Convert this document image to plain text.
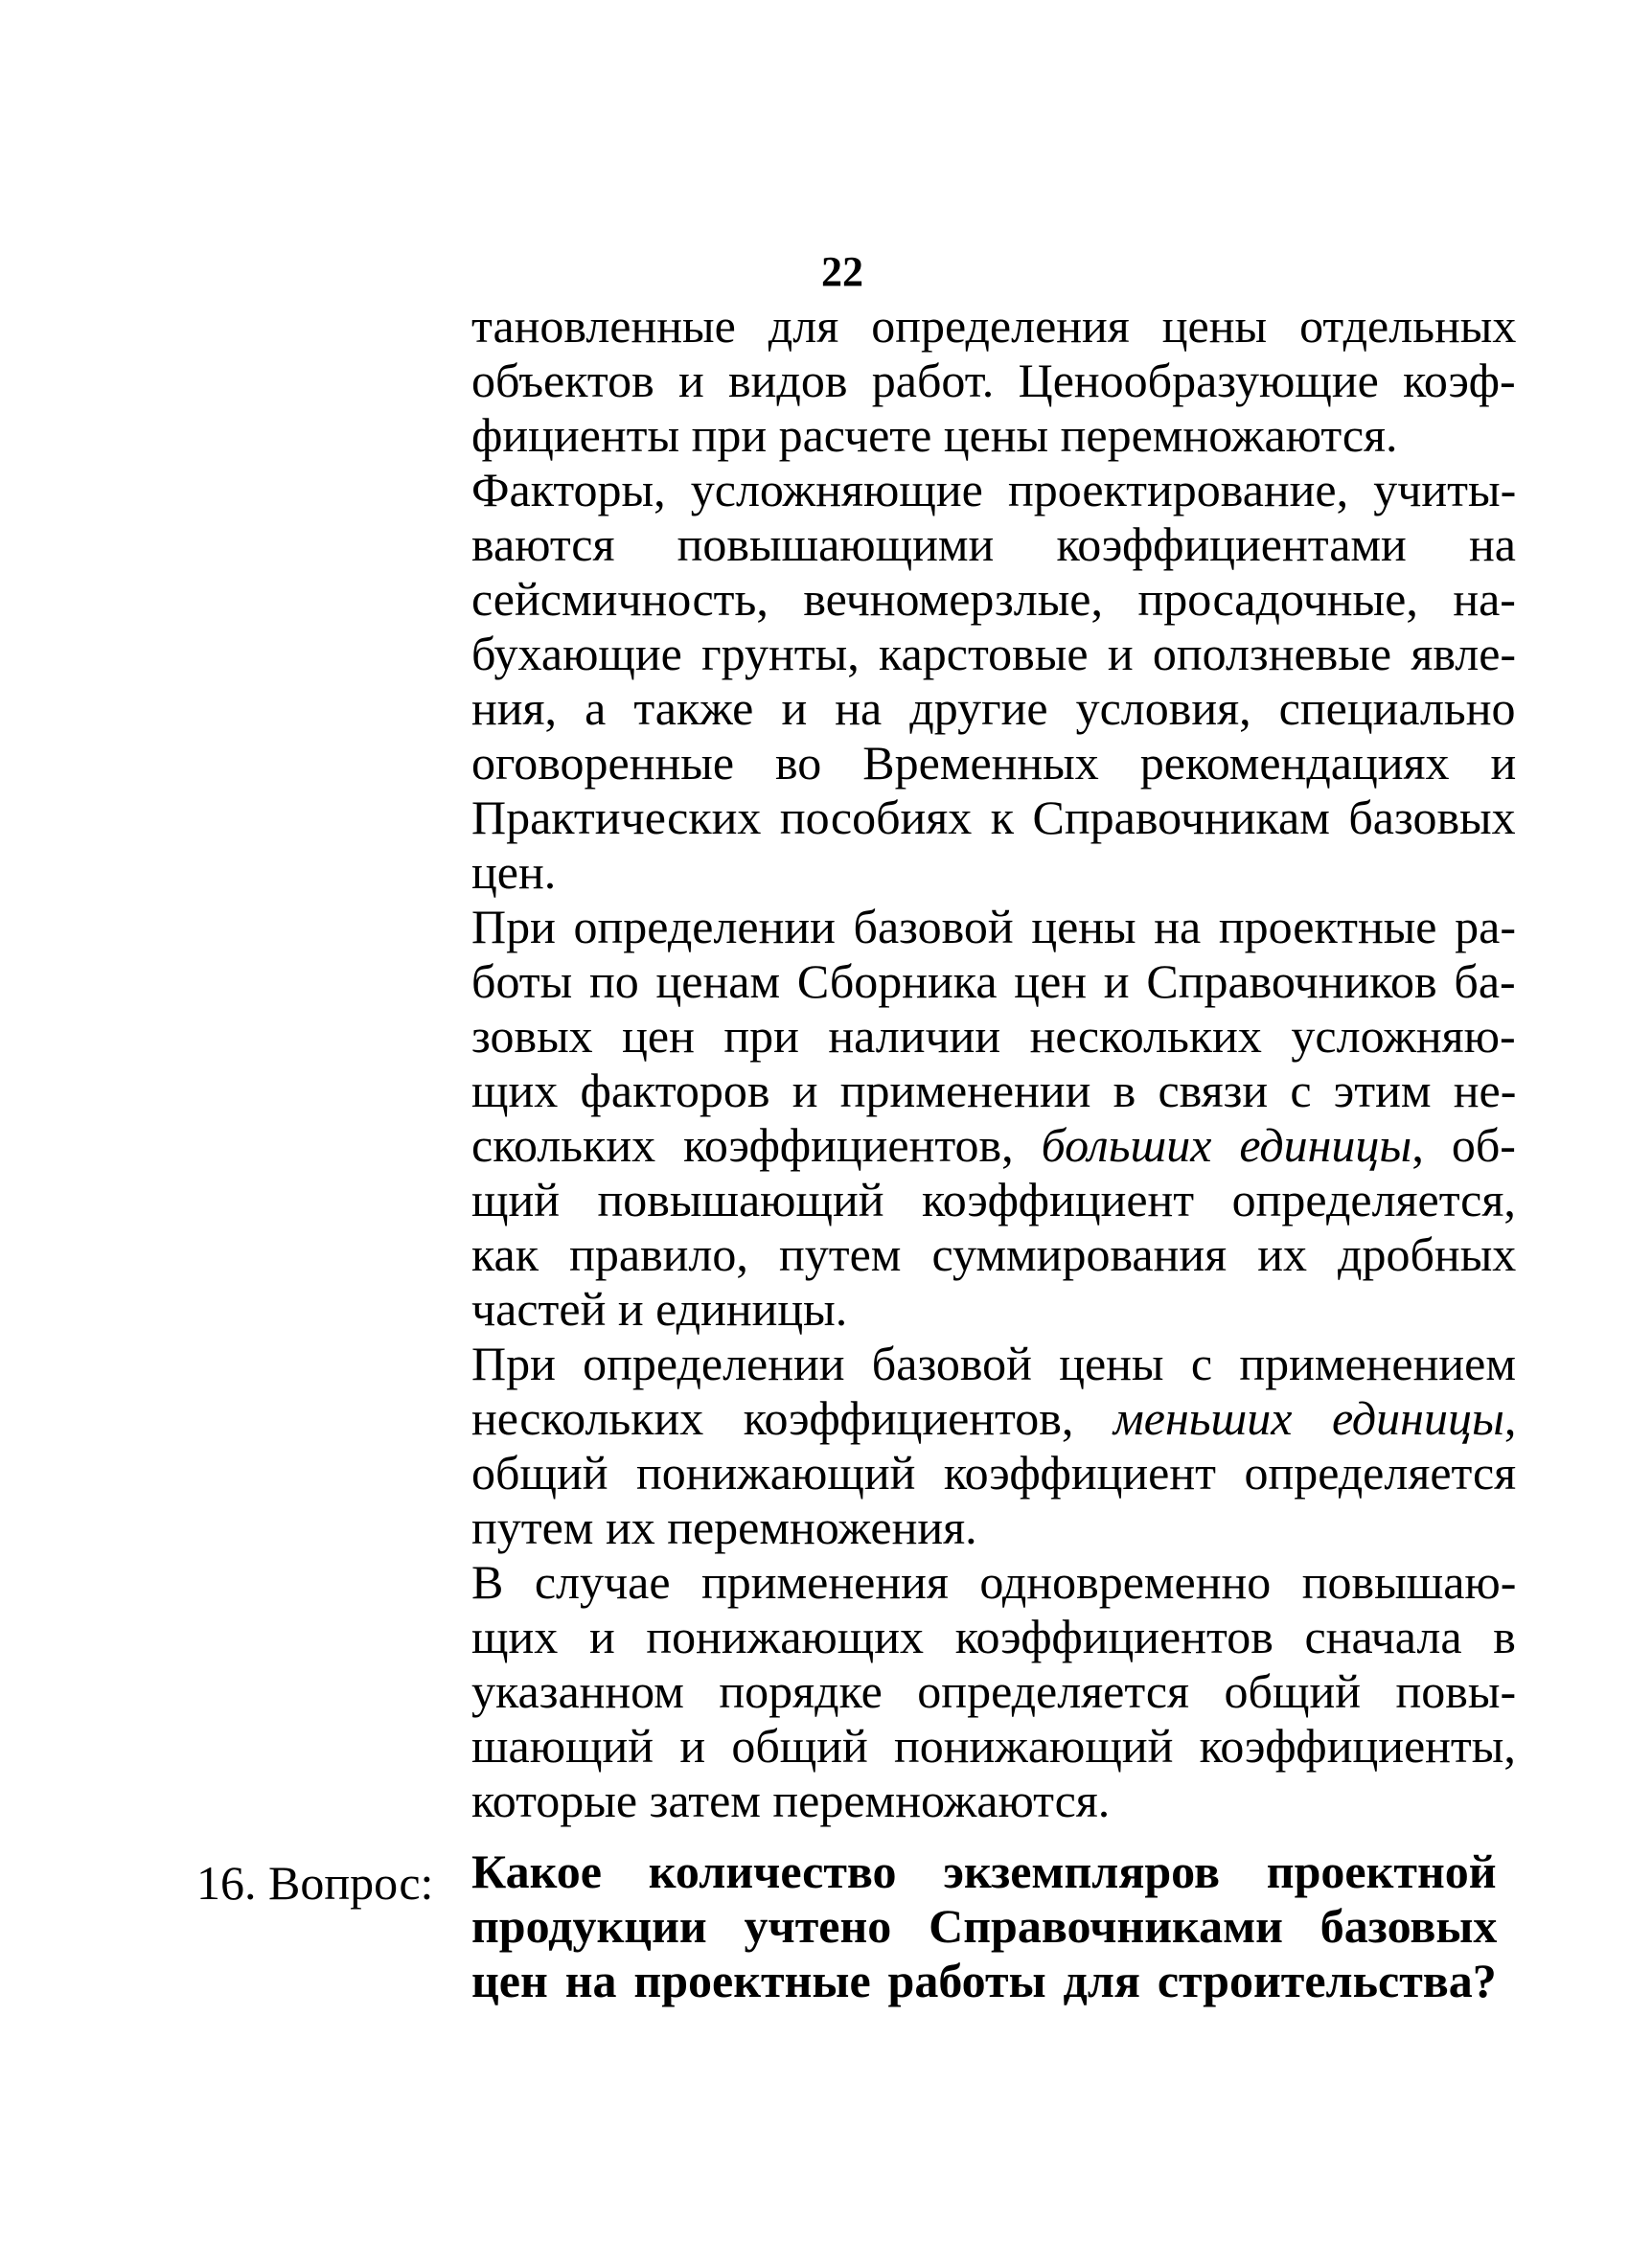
22

тановленные для определения цены отдельных
объектов и видов работ. Ценообразующие коэф-
фициенты при расчете цены перемножаются.

Факторы, усложняющие проектирование, учиты-
ваются повышающими коэффициентами на
сейсмичность, вечномерзлые, просадочные, на-
бухающие грунты, карстовые и оползневые явле-
ния, а также и на другие условия, специально
оговоренные во Временных рекомендациях и
Практических пособиях к Справочникам базовых
цен.

При определении базовой цены на проектные ра-
боты по ценам Сборника цен и Справочников ба-
зовых цен при наличии нескольких усложняю-
щих факторов и применении в связи с этим не-
скольких коэффициентов, больших единицы, об-
щий повышающий коэффициент определяется,
как правило, путем суммирования их дробных
частей и единицы.

При определении базовой цены с применением
нескольких коэффициентов, меньших единицы,
общий понижающий коэффициент определяется
путем их перемножения.

В случае применения одновременно повышаю-
щих и понижающих коэффициентов сначала в
указанном порядке определяется общий повы-
шающий и общий понижающий коэффициенты,
которые затем перемножаются.

16. Вопрос: Какое количество экземпляров проектной
продукции учтено Справочниками базовых
цен на проектные работы для строительства?
